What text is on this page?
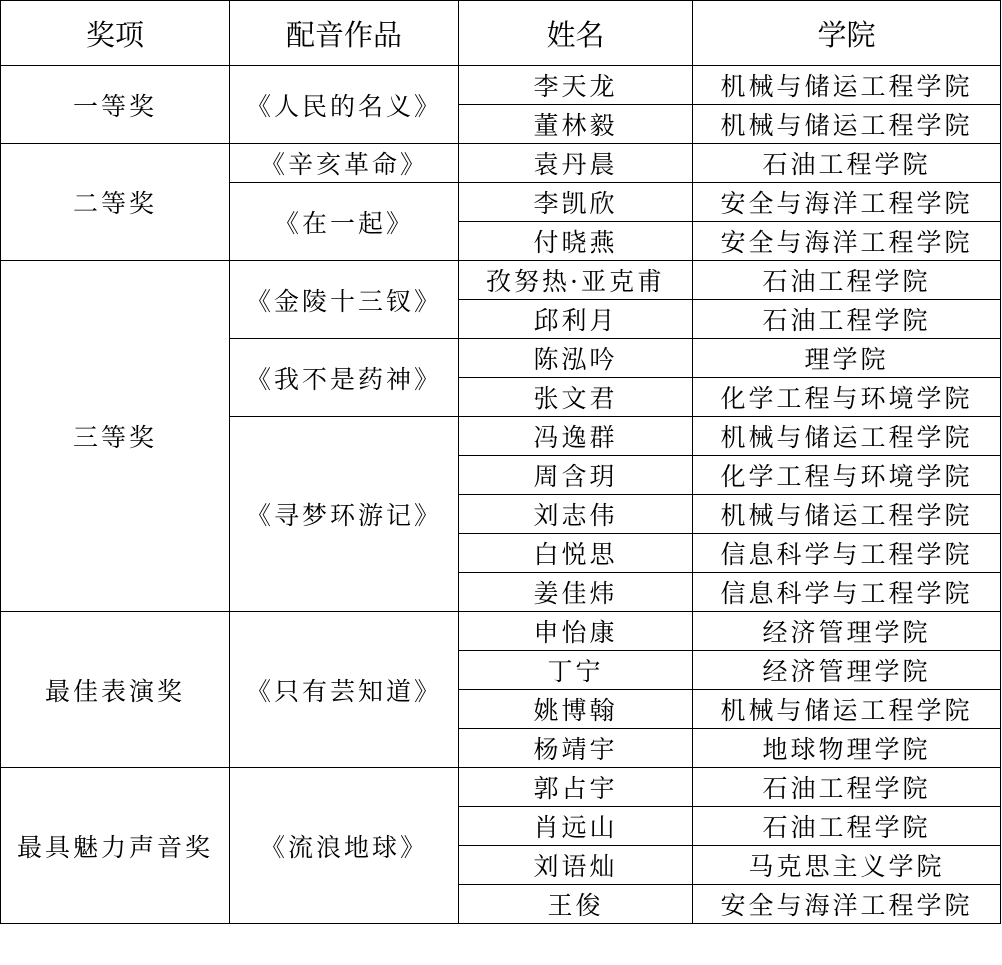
奖项	配音作品	姓名	学院
一等奖	《人民的名义》	李天龙	机械与储运工程学院
		董林毅	机械与储运工程学院
二等奖	《辛亥革命》	袁丹晨	石油工程学院
	《在一起》	李凯欣	安全与海洋工程学院
		付晓燕	安全与海洋工程学院
三等奖	《金陵十三钗》	孜努热·亚克甫	石油工程学院
		邱利月	石油工程学院
	《我不是药神》	陈泓吟	理学院
		张文君	化学工程与环境学院
	《寻梦环游记》	冯逸群	机械与储运工程学院
		周含玥	化学工程与环境学院
		刘志伟	机械与储运工程学院
		白悦思	信息科学与工程学院
		姜佳炜	信息科学与工程学院
最佳表演奖	《只有芸知道》	申怡康	经济管理学院
		丁宁	经济管理学院
		姚博翰	机械与储运工程学院
		杨靖宇	地球物理学院
最具魅力声音奖	《流浪地球》	郭占宇	石油工程学院
		肖远山	石油工程学院
		刘语灿	马克思主义学院
		王俊	安全与海洋工程学院
